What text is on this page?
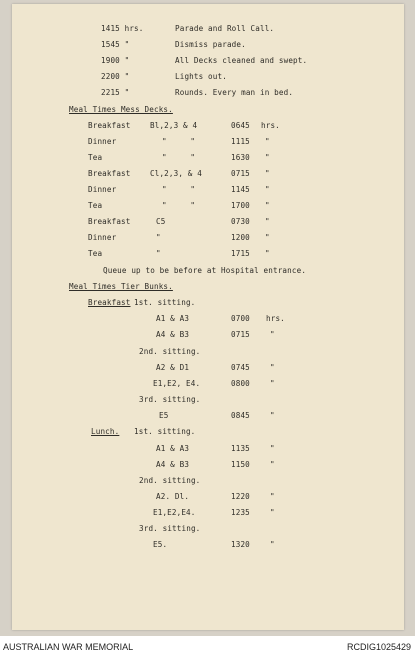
1415 hrs.	Parade and Roll Call.
1545 "	Dismiss parade.
1900 "	All Decks cleaned and swept.
2200 "	Lights out.
2215 "	Rounds. Every man in bed.
Meal Times Mess Decks.
Breakfast	Bl,2,3 & 4	0645 hrs.
Dinner	"     "	1115 "
Tea	"     "	1630 "
Breakfast	Cl,2,3, & 4	0715 "
Dinner	"     "	1145 "
Tea	"     "	1700 "
Breakfast	C5	0730 "
Dinner	"	1200 "
Tea	"	1715 "
Queue up to be before at Hospital entrance.
Meal Times Tier Bunks.
Breakfast 1st. sitting.
A1 & A3	0700 hrs.
A4 & B3	0715	"
2nd. sitting.
A2 & D1	0745	"
E1,E2, E4.	0800	"
3rd. sitting.
E5	0845	"
Lunch. 1st. sitting.
A1 & A3	1135	"
A4 & B3	1150	"
2nd. sitting.
A2. Dl.	1220	"
E1,E2,E4.	1235	"
3rd. sitting.
E5.	1320	"
AUSTRALIAN WAR MEMORIAL	RCDIG1025429
